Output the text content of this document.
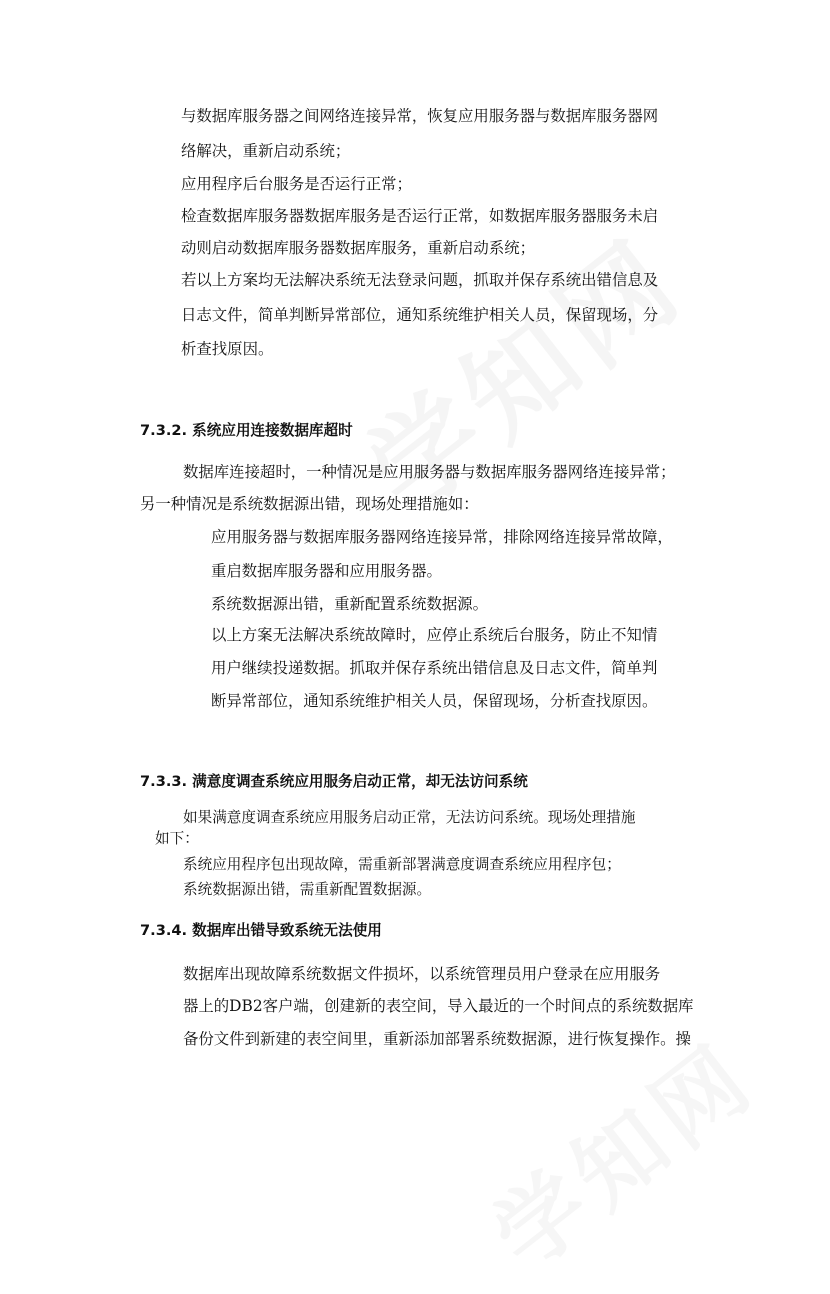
与数据库服务器之间网络连接异常，恢复应用服务器与数据库服务器网
络解决，重新启动系统；
应用程序后台服务是否运行正常；
检查数据库服务器数据库服务是否运行正常，如数据库服务器服务未启
动则启动数据库服务器数据库服务，重新启动系统；
若以上方案均无法解决系统无法登录问题，抓取并保存系统出错信息及
日志文件，简单判断异常部位，通知系统维护相关人员，保留现场，分
析查找原因。
7.3.2. 系统应用连接数据库超时
数据库连接超时，一种情况是应用服务器与数据库服务器网络连接异常；
另一种情况是系统数据源出错，现场处理措施如：
应用服务器与数据库服务器网络连接异常，排除网络连接异常故障，
重启数据库服务器和应用服务器。
系统数据源出错，重新配置系统数据源。
以上方案无法解决系统故障时，应停止系统后台服务，防止不知情
用户继续投递数据。抓取并保存系统出错信息及日志文件，简单判
断异常部位，通知系统维护相关人员，保留现场，分析查找原因。
7.3.3. 满意度调查系统应用服务启动正常，却无法访问系统
如果满意度调查系统应用服务启动正常，无法访问系统。现场处理措施
如下：
系统应用程序包出现故障，需重新部署满意度调查系统应用程序包；
系统数据源出错，需重新配置数据源。
7.3.4. 数据库出错导致系统无法使用
数据库出现故障系统数据文件损坏，以系统管理员用户登录在应用服务
器上的DB2客户端，创建新的表空间，导入最近的一个时间点的系统数据库
备份文件到新建的表空间里，重新添加部署系统数据源，进行恢复操作。操
